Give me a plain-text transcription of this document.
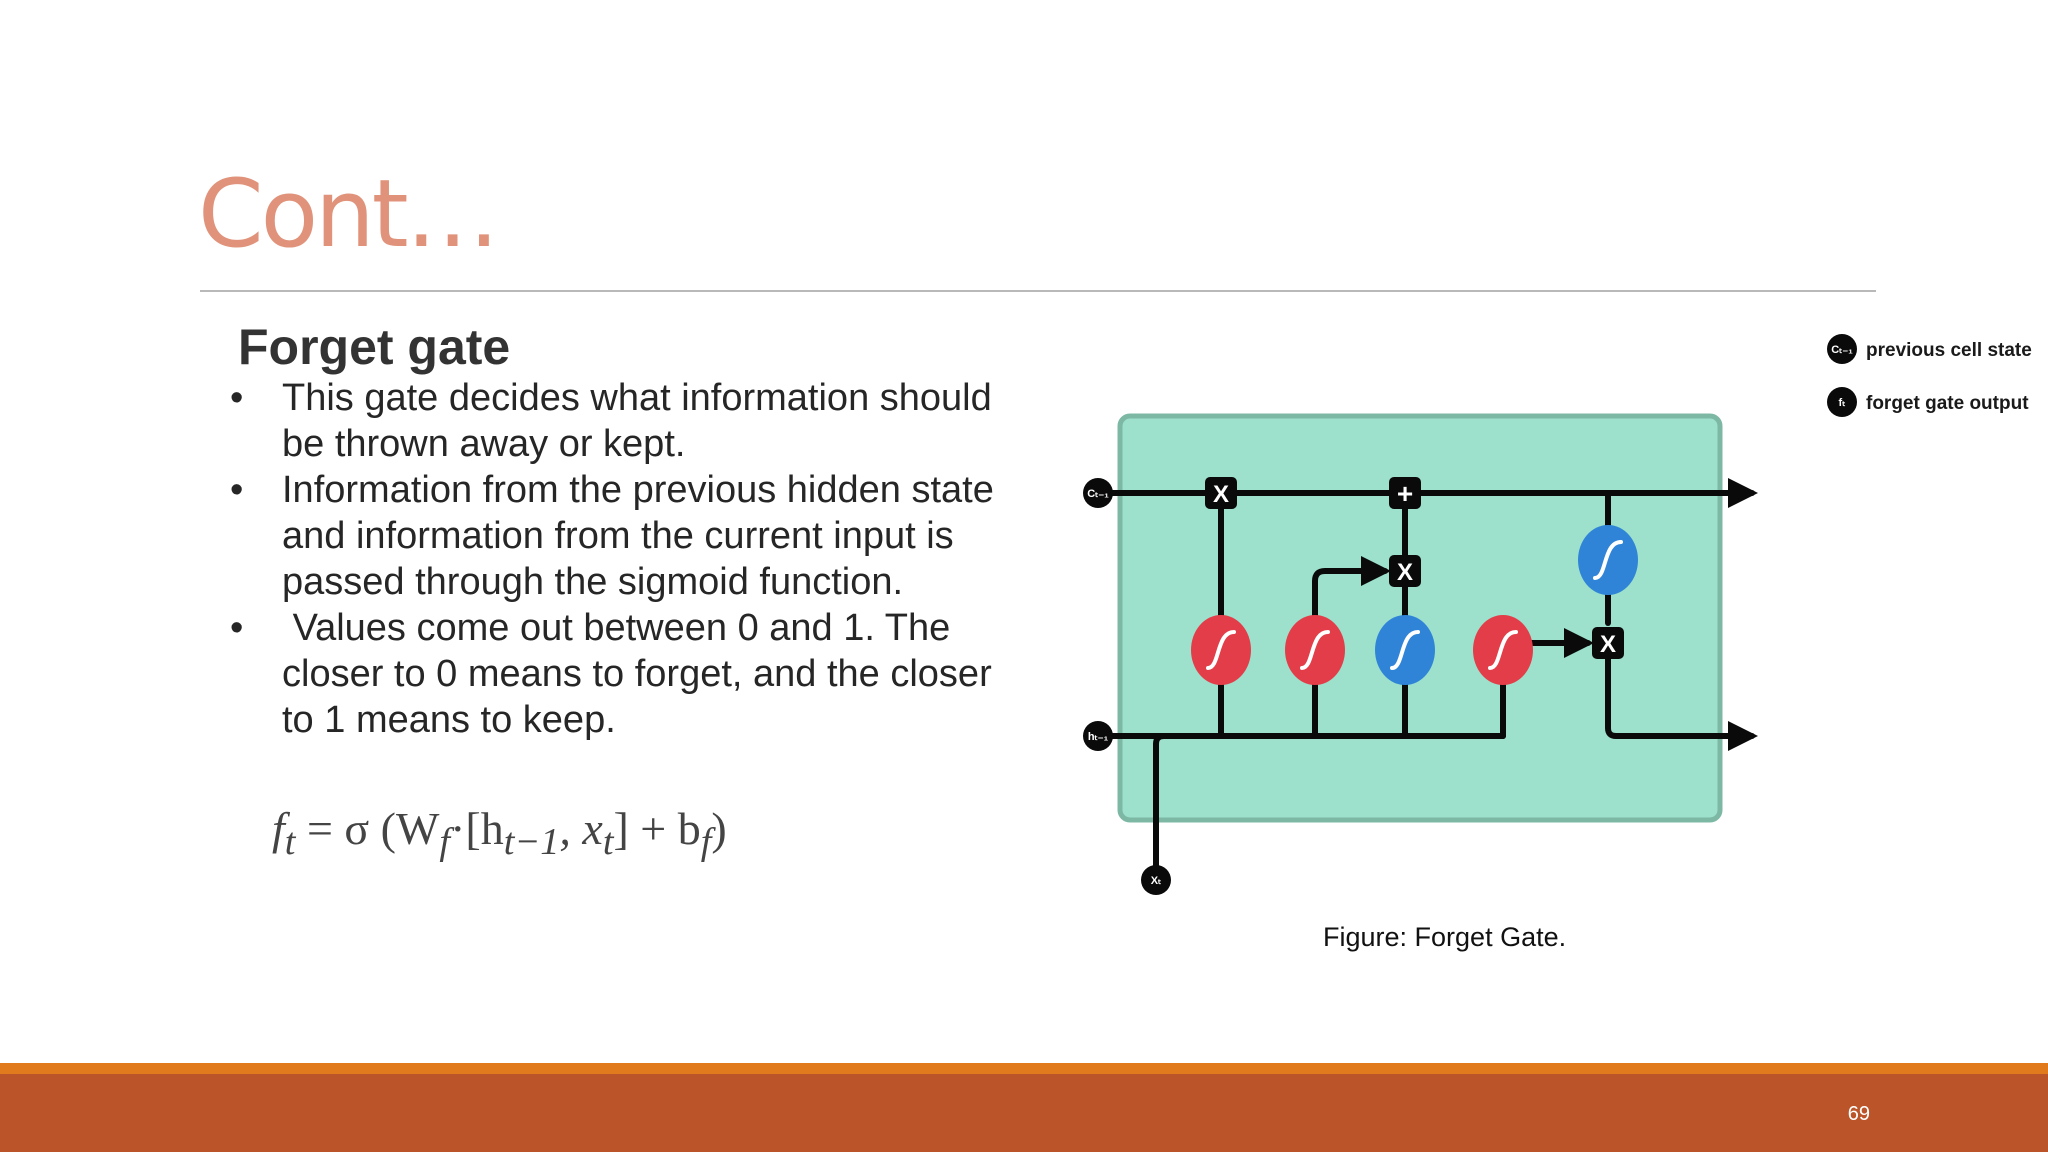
Cont…
Forget gate
• This gate decides what information should be thrown away or kept.
• Information from the previous hidden state and information from the current input is passed through the sigmoid function.
• Values come out between 0 and 1. The closer to 0 means to forget, and the closer to 1 means to keep.
$f_t = \sigma$ ($W_f\cdot[h_{t-1}$, $x_t] + b_f$)
Cₜ₋₁ previous cell state
fₜ forget gate output
Cₜ₋₁
hₜ₋₁
Xₜ
X	+
X
X
Figure: Forget Gate.
69
